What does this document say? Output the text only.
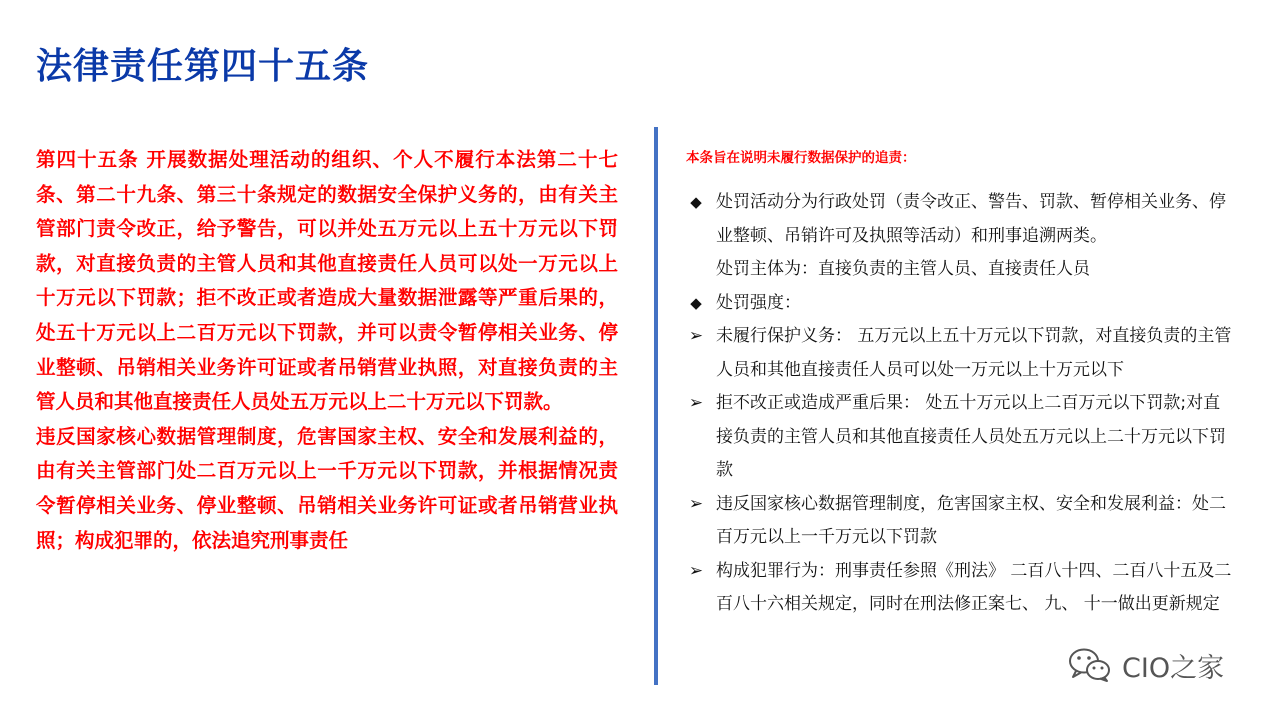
法律责任第四十五条

第四十五条 开展数据处理活动的组织、个人不履行本法第二十七条、第二十九条、第三十条规定的数据安全保护义务的，由有关主管部门责令改正，给予警告，可以并处五万元以上五十万元以下罚款，对直接负责的主管人员和其他直接责任人员可以处一万元以上十万元以下罚款；拒不改正或者造成大量数据泄露等严重后果的，处五十万元以上二百万元以下罚款，并可以责令暂停相关业务、停业整顿、吊销相关业务许可证或者吊销营业执照，对直接负责的主管人员和其他直接责任人员处五万元以上二十万元以下罚款。

违反国家核心数据管理制度，危害国家主权、安全和发展利益的，由有关主管部门处二百万元以上一千万元以下罚款，并根据情况责令暂停相关业务、停业整顿、吊销相关业务许可证或者吊销营业执照；构成犯罪的，依法追究刑事责任

本条旨在说明未履行数据保护的追责：
◆ 处罚活动分为行政处罚（责令改正、警告、罚款、暂停相关业务、停业整顿、吊销许可及执照等活动）和刑事追溯两类。
处罚主体为：直接负责的主管人员、直接责任人员
◆ 处罚强度：
➢ 未履行保护义务： 五万元以上五十万元以下罚款，对直接负责的主管人员和其他直接责任人员可以处一万元以上十万元以下
➢ 拒不改正或造成严重后果： 处五十万元以上二百万元以下罚款;对直接负责的主管人员和其他直接责任人员处五万元以上二十万元以下罚款
➢ 违反国家核心数据管理制度，危害国家主权、安全和发展利益：处二百万元以上一千万元以下罚款
➢ 构成犯罪行为：刑事责任参照《刑法》 二百八十四、二百八十五及二百八十六相关规定，同时在刑法修正案七、 九、 十一做出更新规定
CIO之家
